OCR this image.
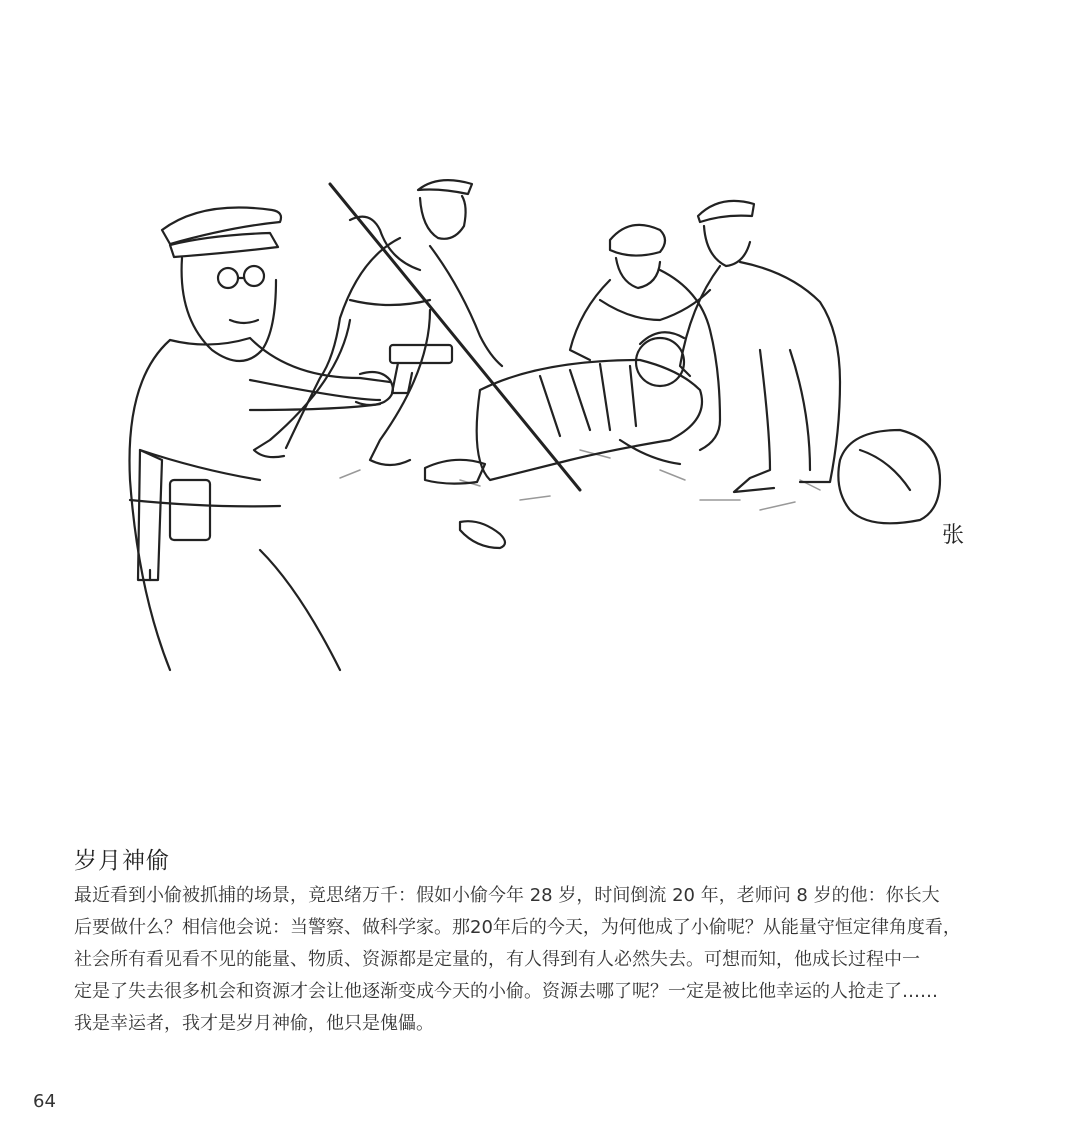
张
岁月神偷

最近看到小偷被抓捕的场景，竟思绪万千：假如小偷今年 28 岁，时间倒流 20 年，老师问 8 岁的他：你长大

后要做什么？相信他会说：当警察、做科学家。那20年后的今天，为何他成了小偷呢？从能量守恒定律角度看，

社会所有看见看不见的能量、物质、资源都是定量的，有人得到有人必然失去。可想而知，他成长过程中一

定是了失去很多机会和资源才会让他逐渐变成今天的小偷。资源去哪了呢？一定是被比他幸运的人抢走了……

我是幸运者，我才是岁月神偷，他只是傀儡。

64
